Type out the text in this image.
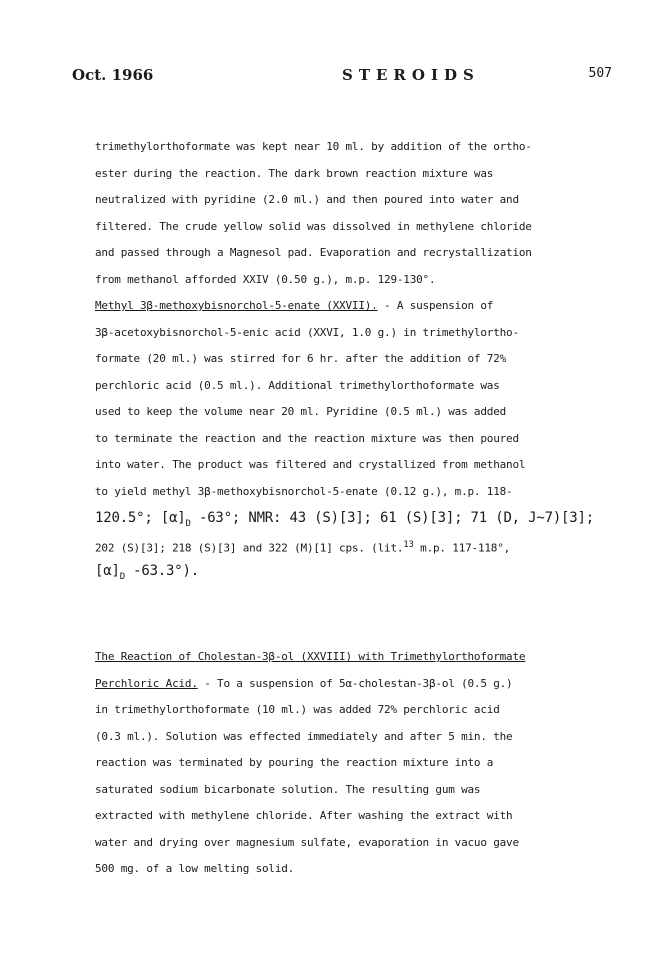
Oct. 1966	STEROIDS	507
trimethylorthoformate was kept near 10 ml. by addition of the ortho-
ester during the reaction. The dark brown reaction mixture was
neutralized with pyridine (2.0 ml.) and then poured into water and
filtered. The crude yellow solid was dissolved in methylene chloride
and passed through a Magnesol pad. Evaporation and recrystallization
from methanol afforded XXIV (0.50 g.), m.p. 129-130°.
Methyl 3β-methoxybisnorchol-5-enate (XXVII). - A suspension of
3β-acetoxybisnorchol-5-enic acid (XXVI, 1.0 g.) in trimethylortho-
formate (20 ml.) was stirred for 6 hr. after the addition of 72%
perchloric acid (0.5 ml.). Additional trimethylorthoformate was
used to keep the volume near 20 ml. Pyridine (0.5 ml.) was added
to terminate the reaction and the reaction mixture was then poured
into water. The product was filtered and crystallized from methanol
to yield methyl 3β-methoxybisnorchol-5-enate (0.12 g.), m.p. 118-
120.5°; $[\alpha]_D$ -63°; NMR: 43 (S)[3]; 61 (S)[3]; 71 (D, J~7)[3];
202 (S)[3]; 218 (S)[3] and 322 (M)[1] cps. (lit.$^{13}$ m.p. 117-118°,
$[\alpha]_D$ -63.3°).
The Reaction of Cholestan-3β-ol (XXVIII) with Trimethylorthoformate
Perchloric Acid. - To a suspension of 5α-cholestan-3β-ol (0.5 g.)
in trimethylorthoformate (10 ml.) was added 72% perchloric acid
(0.3 ml.). Solution was effected immediately and after 5 min. the
reaction was terminated by pouring the reaction mixture into a
saturated sodium bicarbonate solution. The resulting gum was
extracted with methylene chloride. After washing the extract with
water and drying over magnesium sulfate, evaporation in vacuo gave
500 mg. of a low melting solid.
